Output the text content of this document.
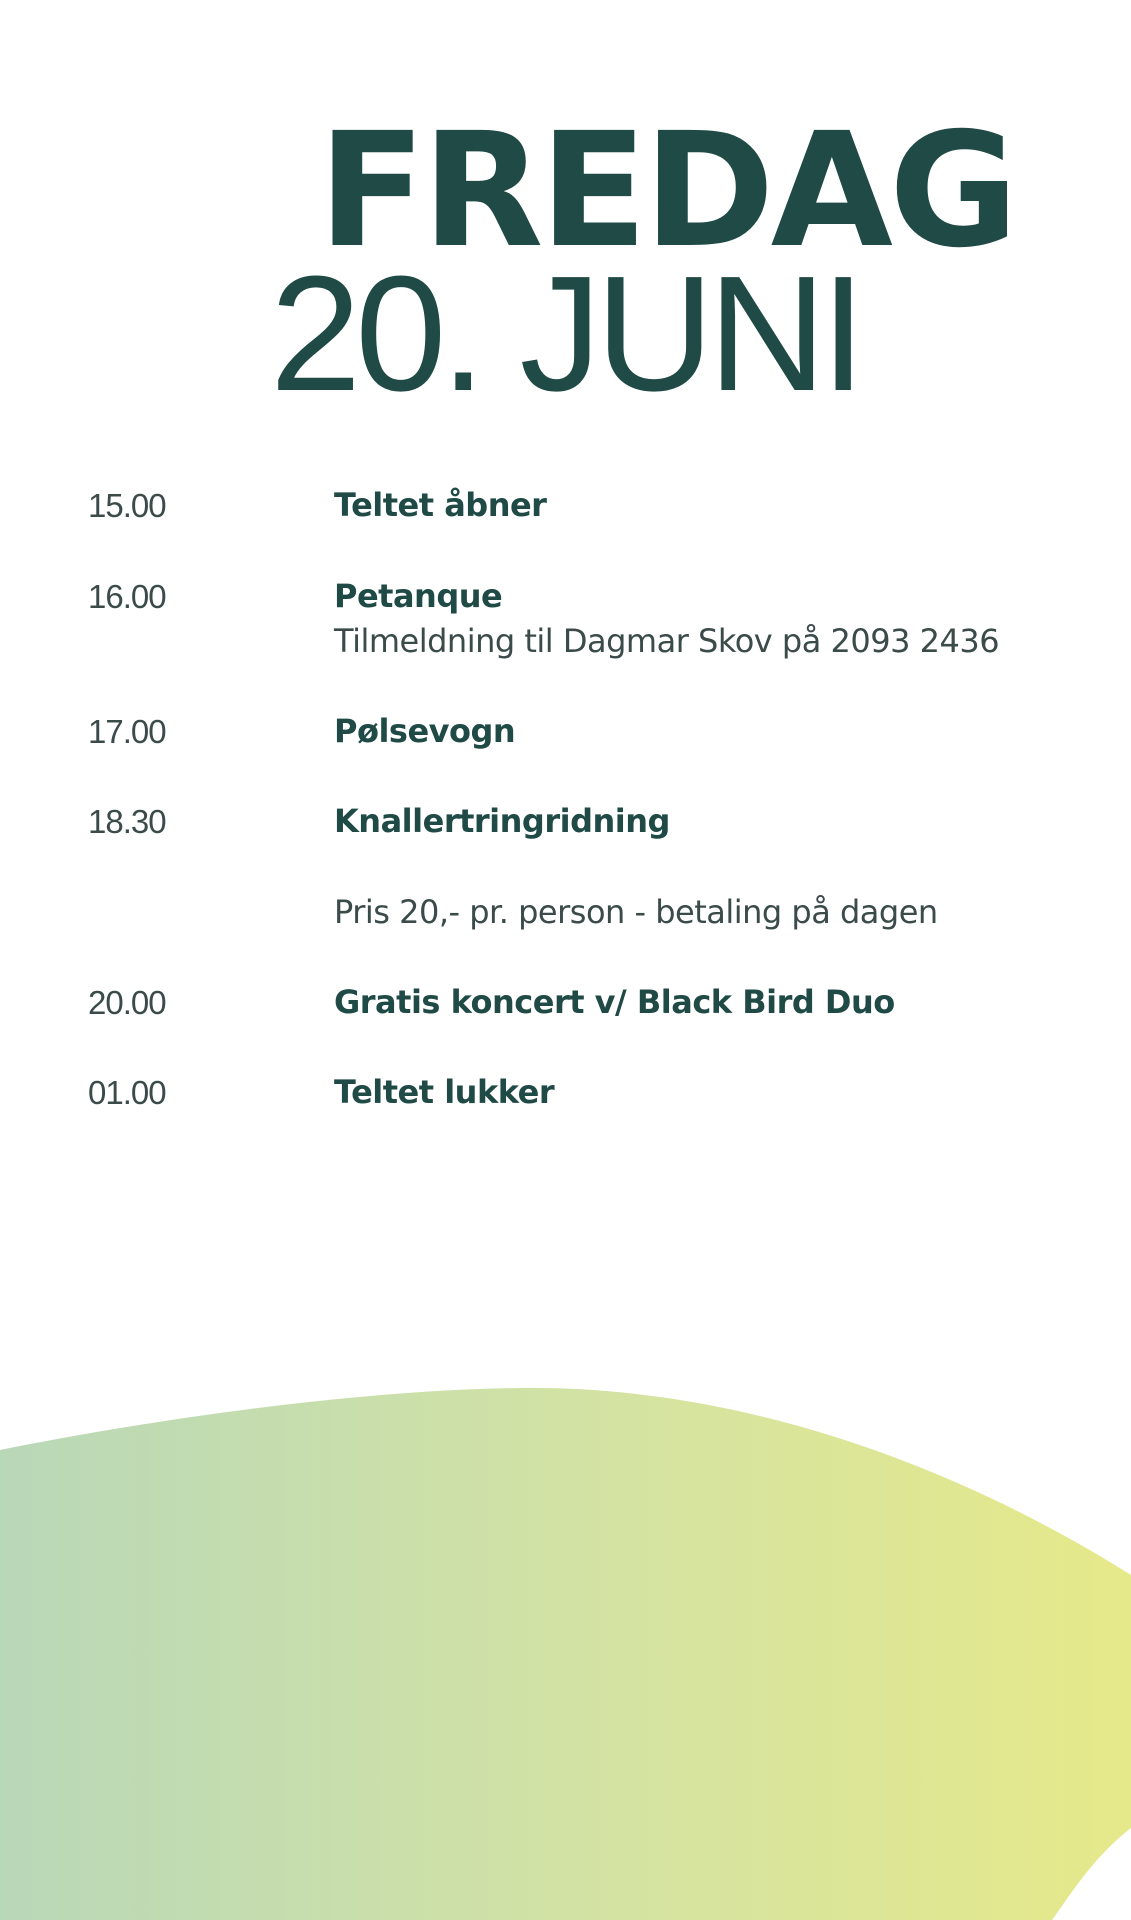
FREDAG
20. JUNI
15.00	Teltet åbner
16.00	Petanque
Tilmeldning til Dagmar Skov på 2093 2436
17.00	Pølsevogn
18.30	Knallertringridning
Pris 20,- pr. person - betaling på dagen
20.00	Gratis koncert v/ Black Bird Duo
01.00	Teltet lukker
